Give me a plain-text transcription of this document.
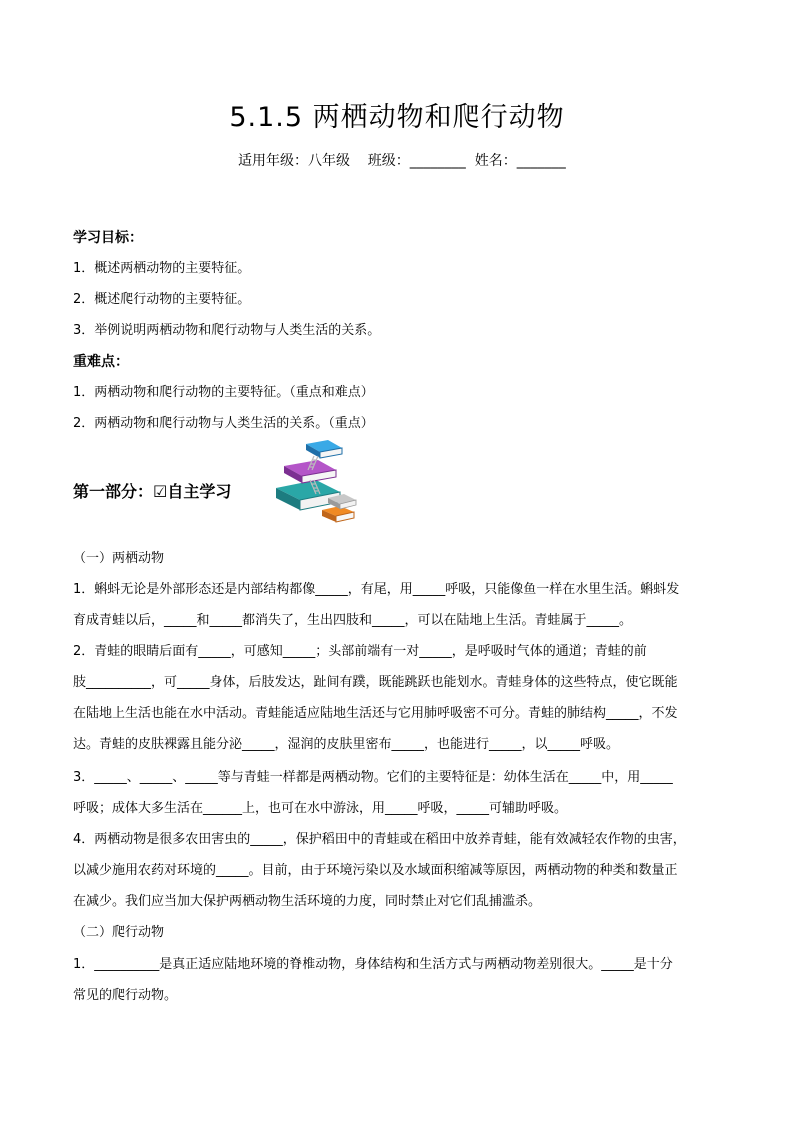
5.1.5 两栖动物和爬行动物
适用年级：八年级    班级：________  姓名：_______
学习目标：
1．概述两栖动物的主要特征。
2．概述爬行动物的主要特征。
3．举例说明两栖动物和爬行动物与人类生活的关系。
重难点：
1．两栖动物和爬行动物的主要特征。（重点和难点）
2．两栖动物和爬行动物与人类生活的关系。（重点）
第一部分：☑自主学习
（一）两栖动物
1．蝌蚪无论是外部形态还是内部结构都像_____，有尾，用_____呼吸，只能像鱼一样在水里生活。蝌蚪发
育成青蛙以后，_____和_____都消失了，生出四肢和_____，可以在陆地上生活。青蛙属于_____。
2．青蛙的眼睛后面有_____，可感知_____；头部前端有一对_____，是呼吸时气体的通道；青蛙的前
肢__________，可_____身体，后肢发达，趾间有蹼，既能跳跃也能划水。青蛙身体的这些特点，使它既能
在陆地上生活也能在水中活动。青蛙能适应陆地生活还与它用肺呼吸密不可分。青蛙的肺结构_____，不发
达。青蛙的皮肤裸露且能分泌_____，湿润的皮肤里密布_____，也能进行_____，以_____呼吸。
3．_____、_____、_____等与青蛙一样都是两栖动物。它们的主要特征是：幼体生活在_____中，用_____
呼吸；成体大多生活在______上，也可在水中游泳，用_____呼吸，_____可辅助呼吸。
4．两栖动物是很多农田害虫的_____，保护稻田中的青蛙或在稻田中放养青蛙，能有效减轻农作物的虫害，
以减少施用农药对环境的_____。目前，由于环境污染以及水域面积缩减等原因，两栖动物的种类和数量正
在减少。我们应当加大保护两栖动物生活环境的力度，同时禁止对它们乱捕滥杀。
（二）爬行动物
1．__________是真正适应陆地环境的脊椎动物，身体结构和生活方式与两栖动物差别很大。_____是十分
常见的爬行动物。
